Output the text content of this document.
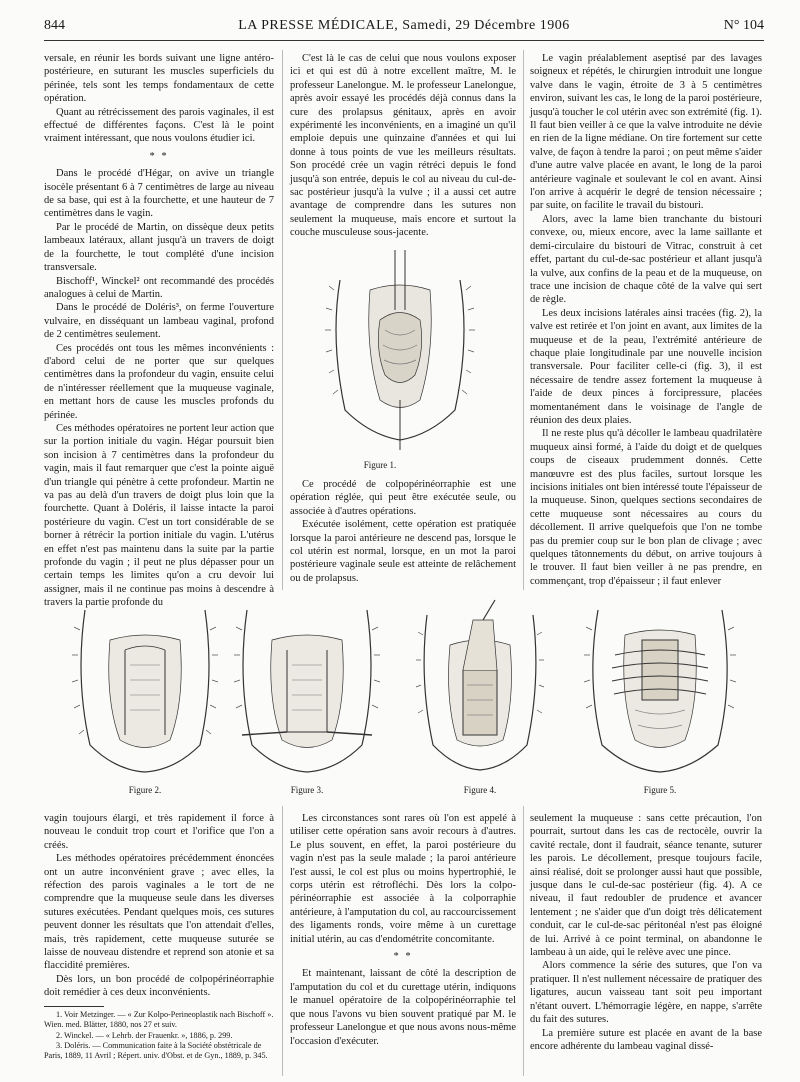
844	LA PRESSE MÉDICALE, Samedi, 29 Décembre 1906	N° 104

versale, en réunir les bords suivant une ligne antéro-postérieure, en suturant les muscles superficiels du périnée, tels sont les temps fondamentaux de cette opération.

Quant au rétrécissement des parois vaginales, il est effectué de différentes façons. C'est là le point vraiment intéressant, que nous voulons étudier ici.

* *

Dans le procédé d'Hégar, on avive un triangle isocèle présentant 6 à 7 centimètres de large au niveau de sa base, qui est à la fourchette, et une hauteur de 7 centimètres dans le vagin.

Par le procédé de Martin, on dissèque deux petits lambeaux latéraux, allant jusqu'à un travers de doigt de la fourchette, le tout complété d'une incision transversale.

Bischoff¹, Winckel² ont recommandé des procédés analogues à celui de Martin.

Dans le procédé de Doléris³, on ferme l'ouverture vulvaire, en disséquant un lambeau vaginal, profond de 2 centimètres seulement.

Ces procédés ont tous les mêmes inconvénients : d'abord celui de ne porter que sur quelques centimètres dans la profondeur du vagin, ensuite celui de n'intéresser réellement que la muqueuse vaginale, en mettant hors de cause les muscles profonds du périnée.

Ces méthodes opératoires ne portent leur action que sur la portion initiale du vagin. Hégar poursuit bien son incision à 7 centimètres dans la profondeur du vagin, mais il faut remarquer que c'est la pointe aiguë d'un triangle qui pénètre à cette profondeur. Martin ne va pas au delà d'un travers de doigt plus loin que la fourchette. Quant à Doléris, il laisse intacte la paroi postérieure du vagin. C'est un tort considérable de se borner à rétrécir la portion initiale du vagin. L'utérus en effet n'est pas maintenu dans la suite par la partie profonde du vagin ; il peut ne plus dépasser pour un certain temps les limites qu'on a cru devoir lui assigner, mais il ne continue pas moins à descendre à travers la partie profonde du

C'est là le cas de celui que nous voulons exposer ici et qui est dû à notre excellent maître, M. le professeur Lanelongue. M. le professeur Lanelongue, après avoir essayé les procédés déjà connus dans la cure des prolapsus génitaux, après en avoir expérimenté les inconvénients, en a imaginé un qu'il emploie depuis une quinzaine d'années et qui lui donne à tous points de vue les meilleurs résultats. Son procédé crée un vagin rétréci depuis le fond jusqu'à son entrée, depuis le col au niveau du cul-de-sac postérieur jusqu'à la vulve ; il a aussi cet autre avantage de comprendre dans les sutures non seulement la muqueuse, mais encore et surtout la couche musculeuse sous-jacente.

Figure 1.

Ce procédé de colpopérinéorraphie est une opération réglée, qui peut être exécutée seule, ou associée à d'autres opérations.

Exécutée isolément, cette opération est pratiquée lorsque la paroi antérieure ne descend pas, lorsque le col utérin est normal, lorsque, en un mot la paroi postérieure vaginale seule est atteinte de relâchement ou de prolapsus.

Le vagin préalablement aseptisé par des lavages soigneux et répétés, le chirurgien introduit une longue valve dans le vagin, étroite de 3 à 5 centimètres environ, suivant les cas, le long de la paroi postérieure, jusqu'à toucher le col utérin avec son extrémité (fig. 1). Il faut bien veiller à ce que la valve introduite ne dévie en rien de la ligne médiane. On tire fortement sur cette valve, de façon à tendre la paroi ; on peut même s'aider d'une autre valve placée en avant, le long de la paroi antérieure vaginale et soulevant le col en avant. Ainsi l'on arrive à acquérir le degré de tension nécessaire ; par suite, on facilite le travail du bistouri.

Alors, avec la lame bien tranchante du bistouri convexe, ou, mieux encore, avec la lame saillante et demi-circulaire du bistouri de Vitrac, construit à cet effet, partant du cul-de-sac postérieur et allant jusqu'à la vulve, aux confins de la peau et de la muqueuse, on trace une incision de chaque côté de la valve qui sert de règle.

Les deux incisions latérales ainsi tracées (fig. 2), la valve est retirée et l'on joint en avant, aux limites de la muqueuse et de la peau, l'extrémité antérieure de chaque plaie longitudinale par une nouvelle incision transversale. Pour faciliter celle-ci (fig. 3), il est nécessaire de tendre assez fortement la muqueuse à l'aide de deux pinces à forcipressure, placées momentanément dans le voisinage de l'angle de réunion des deux plaies.

Il ne reste plus qu'à décoller le lambeau quadrilatère muqueux ainsi formé, à l'aide du doigt et de quelques coups de ciseaux prudemment donnés. Cette manœuvre est des plus faciles, surtout lorsque les incisions initiales ont bien intéressé toute l'épaisseur de la muqueuse. Sinon, quelques sections secondaires de cette muqueuse sont nécessaires au cours du décollement. Il arrive quelquefois que l'on ne tombe pas du premier coup sur le bon plan de clivage ; avec quelques tâtonnements du début, on arrive toujours à le trouver. Il faut bien veiller à ne pas prendre, en commençant, trop d'épaisseur ; il faut enlever

Figure 2.	Figure 3.	Figure 4.	Figure 5.

vagin toujours élargi, et très rapidement il force à nouveau le conduit trop court et l'orifice que l'on a créés.

Les méthodes opératoires précédemment énoncées ont un autre inconvénient grave ; avec elles, la réfection des parois vaginales a le tort de ne comprendre que la muqueuse seule dans les diverses sutures exécutées. Pendant quelques mois, ces sutures peuvent donner les résultats que l'on attendait d'elles, mais, très rapidement, cette muqueuse suturée se laisse de nouveau distendre et reprend son atonie et sa flaccidité premières.

Dès lors, un bon procédé de colpopérinéorraphie doit remédier à ces deux inconvénients.

1. Voir Metzinger. — « Zur Kolpo-Perineoplastik nach Bischoff ». Wien. med. Blätter, 1880, nos 27 et suiv.

2. Winckel. — « Lehrb. der Frauenkr. », 1886, p. 299.

3. Doléris. — Communication faite à la Société obstétricale de Paris, 1889, 11 Avril ; Répert. univ. d'Obst. et de Gyn., 1889, p. 345.

Les circonstances sont rares où l'on est appelé à utiliser cette opération sans avoir recours à d'autres. Le plus souvent, en effet, la paroi postérieure du vagin n'est pas la seule malade ; la paroi antérieure l'est aussi, le col est plus ou moins hypertrophié, le corps utérin est rétrofléchi. Dès lors la colpo-périnéorraphie est associée à la colporraphie antérieure, à l'amputation du col, au raccourcissement des ligaments ronds, voire même à un curettage initial utérin, au cas d'endométrite concomitante.

* *

Et maintenant, laissant de côté la description de l'amputation du col et du curettage utérin, indiquons le manuel opératoire de la colpopérinéorraphie tel que nous l'avons vu bien souvent pratiqué par M. le professeur Lanelongue et que nous avons nous-même l'occasion d'exécuter.

seulement la muqueuse : sans cette précaution, l'on pourrait, surtout dans les cas de rectocèle, ouvrir la cavité rectale, dont il faudrait, séance tenante, suturer les parois. Le décollement, presque toujours facile, ainsi réalisé, doit se prolonger aussi haut que possible, jusque dans le cul-de-sac postérieur (fig. 4). A ce niveau, il faut redoubler de prudence et avancer lentement ; ne s'aider que d'un doigt très délicatement conduit, car le cul-de-sac péritonéal n'est pas éloigné de lui. Arrivé à ce point terminal, on abandonne le lambeau à un aide, qui le relève avec une pince.

Alors commence la série des sutures, que l'on va pratiquer. Il n'est nullement nécessaire de pratiquer des ligatures, aucun vaisseau tant soit peu important n'étant ouvert. L'hémorragie légère, en nappe, s'arrête du fait des sutures.

La première suture est placée en avant de la base encore adhérente du lambeau vaginal dissé-
